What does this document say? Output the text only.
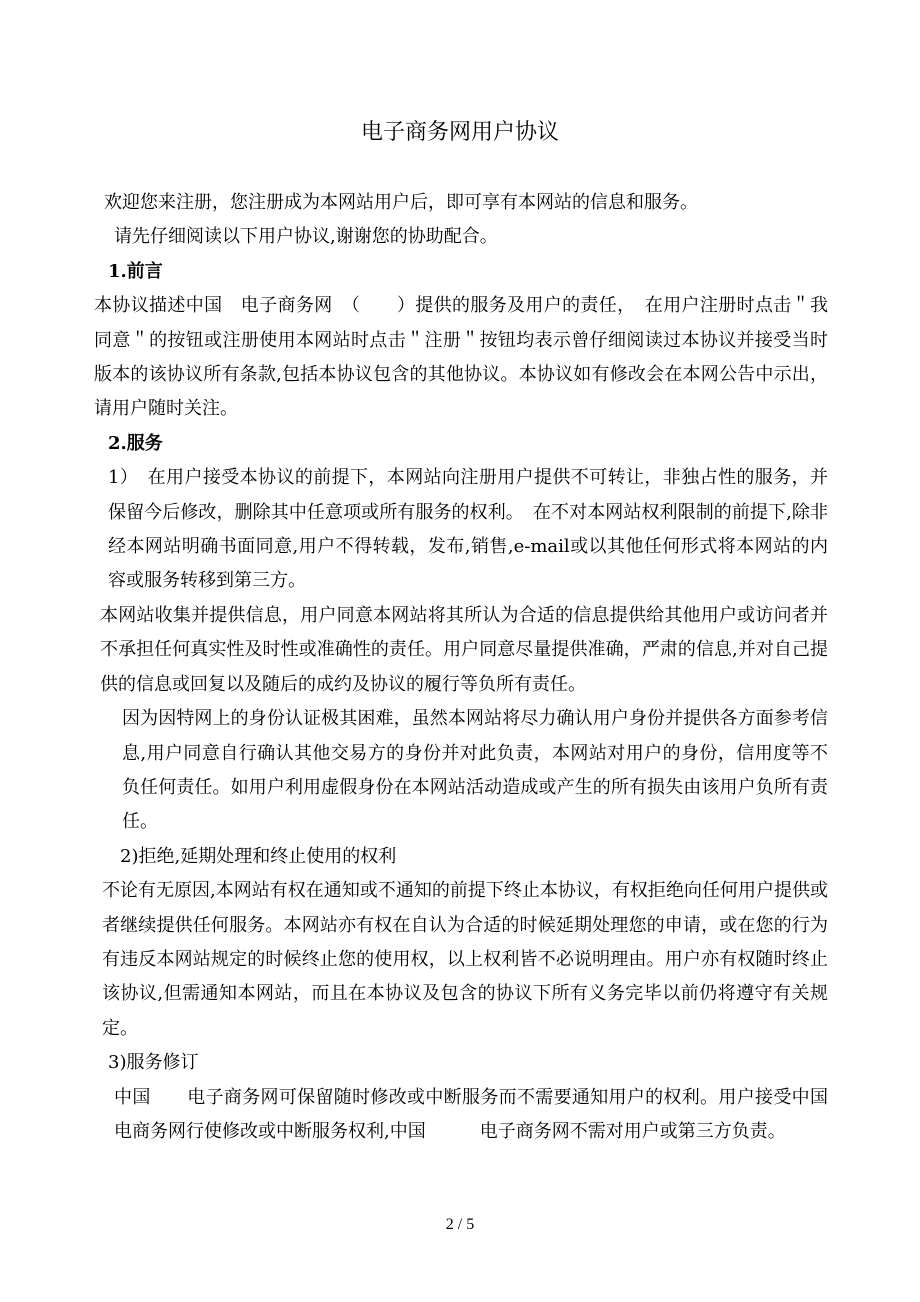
电子商务网用户协议

欢迎您来注册，您注册成为本网站用户后，即可享有本网站的信息和服务。

请先仔细阅读以下用户协议,谢谢您的协助配合。

1.前言

本协议描述中国　电子商务网　（　　）提供的服务及用户的责任，　在用户注册时点击＂我同意＂的按钮或注册使用本网站时点击＂注册＂按钮均表示曾仔细阅读过本协议并接受当时版本的该协议所有条款,包括本协议包含的其他协议。本协议如有修改会在本网公告中示出，请用户随时关注。

2.服务

1）　在用户接受本协议的前提下，本网站向注册用户提供不可转让，非独占性的服务，并保留今后修改，删除其中任意项或所有服务的权利。　在不对本网站权利限制的前提下,除非经本网站明确书面同意,用户不得转载，发布,销售,e-mail或以其他任何形式将本网站的内容或服务转移到第三方。

本网站收集并提供信息，用户同意本网站将其所认为合适的信息提供给其他用户或访问者并不承担任何真实性及时性或准确性的责任。用户同意尽量提供准确，严肃的信息,并对自己提供的信息或回复以及随后的成约及协议的履行等负所有责任。

因为因特网上的身份认证极其困难，虽然本网站将尽力确认用户身份并提供各方面参考信息,用户同意自行确认其他交易方的身份并对此负责，本网站对用户的身份，信用度等不负任何责任。如用户利用虚假身份在本网站活动造成或产生的所有损失由该用户负所有责任。

2)拒绝,延期处理和终止使用的权利

不论有无原因,本网站有权在通知或不通知的前提下终止本协议，有权拒绝向任何用户提供或者继续提供任何服务。本网站亦有权在自认为合适的时候延期处理您的申请，或在您的行为有违反本网站规定的时候终止您的使用权，以上权利皆不必说明理由。用户亦有权随时终止该协议,但需通知本网站，而且在本协议及包含的协议下所有义务完毕以前仍将遵守有关规定。

3)服务修订

中国　　电子商务网可保留随时修改或中断服务而不需要通知用户的权利。用户接受中国　电商务网行使修改或中断服务权利,中国　　　电子商务网不需对用户或第三方负责。

2 / 5
